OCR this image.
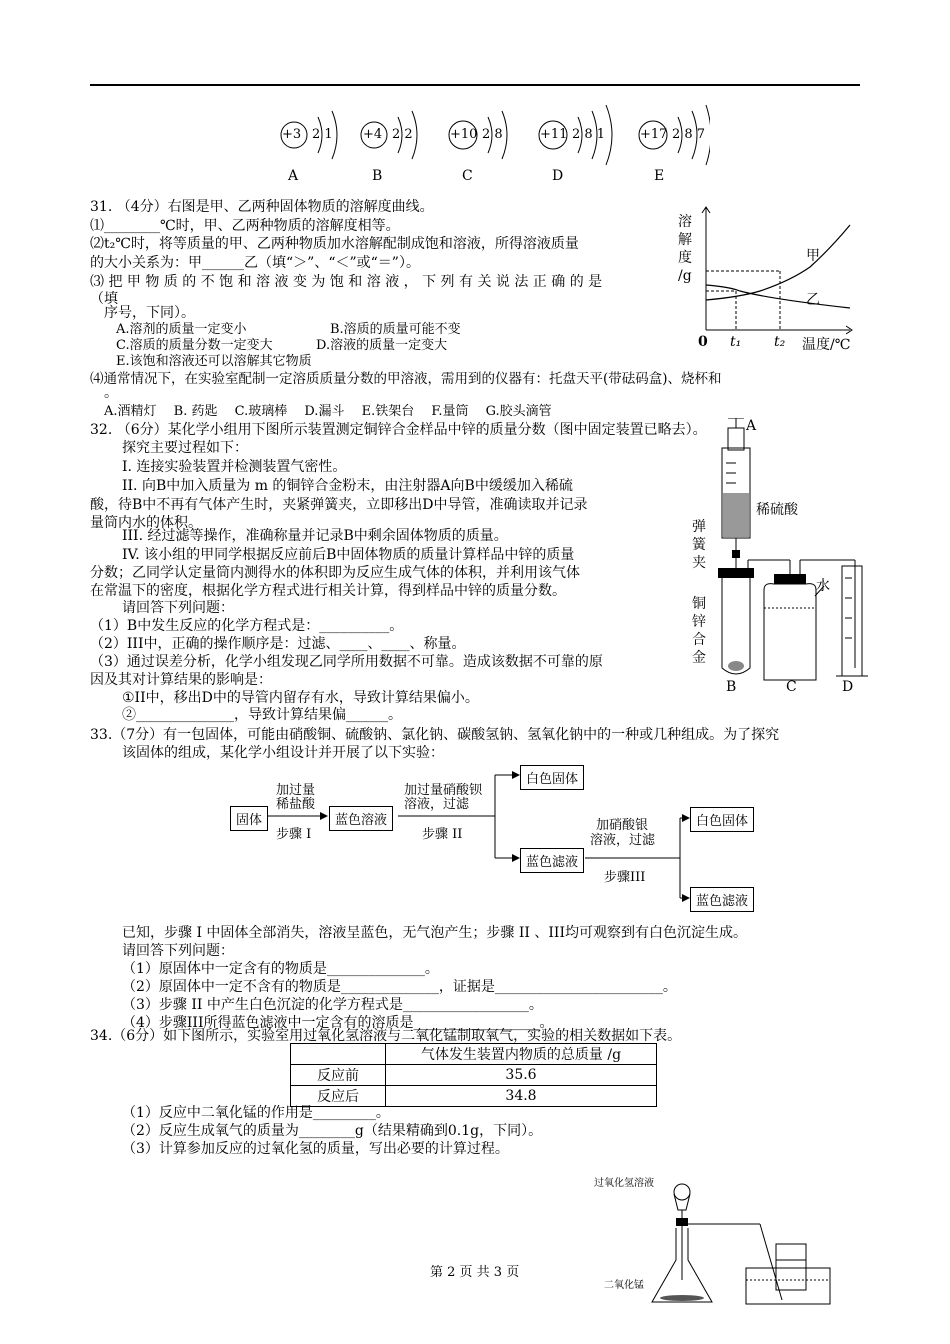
+3 2 1
A
+4 2 2
B
+10 2 8
C
+11 2 8 1
D
+17 2 8 7
E
31. （4分）右图是甲、乙两种固体物质的溶解度曲线。
⑴________℃时，甲、乙两种物质的溶解度相等。
⑵t₂℃时，将等质量的甲、乙两种物质加水溶解配制成饱和溶液，所得溶液质量
的大小关系为：甲______乙（填“＞”、“＜”或“＝”）。
⑶ 把 甲 物 质 的 不 饱 和 溶 液 变 为 饱 和 溶 液 ， 下 列 有 关 说 法 正 确 的 是
（填
序号，下同）。
A.溶剂的质量一定变小	B.溶质的质量可能不变
C.溶质的质量分数一定变大	D.溶液的质量一定变大
E.该饱和溶液还可以溶解其它物质
⑷通常情况下，在实验室配制一定溶质质量分数的甲溶液，需用到的仪器有：托盘天平(带砝码盒)、烧杯和
。
A.酒精灯　 B. 药匙　 C.玻璃棒　 D.漏斗　 E.铁架台　 F.量筒　 G.胶头滴管
溶
解
度
/g
甲
乙
0 t₁ t₂ 温度/℃
32. （6分）某化学小组用下图所示装置测定铜锌合金样品中锌的质量分数（图中固定装置已略去）。
探究主要过程如下：
I. 连接实验装置并检测装置气密性。
II. 向B中加入质量为 m 的铜锌合金粉末，由注射器A向B中缓缓加入稀硫
酸，待B中不再有气体产生时，夹紧弹簧夹，立即移出D中导管，准确读取并记录
量筒内水的体积。
III. 经过滤等操作，准确称量并记录B中剩余固体物质的质量。
IV. 该小组的甲同学根据反应前后B中固体物质的质量计算样品中锌的质量
分数；乙同学认定量筒内测得水的体积即为反应生成气体的体积，并利用该气体
在常温下的密度，根据化学方程式进行相关计算，得到样品中锌的质量分数。
请回答下列问题：
（1）B中发生反应的化学方程式是：__________。
（2）III中，正确的操作顺序是：过滤、____、____、称量。
（3）通过误差分析，化学小组发现乙同学所用数据不可靠。造成该数据不可靠的原
因及其对计算结果的影响是：
①II中，移出D中的导管内留存有水，导致计算结果偏小。
②______________，导致计算结果偏______。
A
稀硫酸
弹
簧
夹
铜
锌
合
金
水
B	C	D
33.（7分）有一包固体，可能由硝酸铜、硫酸钠、氯化钠、碳酸氢钠、氢氧化钠中的一种或几种组成。为了探究
该固体的组成，某化学小组设计并开展了以下实验：
固体
加过量
稀盐酸
步骤 I
蓝色溶液
加过量硝酸钡
溶液，过滤
步骤 II
白色固体
蓝色滤液
加硝酸银
溶液，过滤
步骤III
白色固体
蓝色滤液
已知，步骤 I 中固体全部消失，溶液呈蓝色，无气泡产生；步骤 II 、III均可观察到有白色沉淀生成。
请回答下列问题：
（1）原固体中一定含有的物质是______________。
（2）原固体中一定不含有的物质是______________，证据是________________________。
（3）步骤 II 中产生白色沉淀的化学方程式是__________________。
（4）步骤III所得蓝色滤液中一定含有的溶质是__________________。
34.（6分）如下图所示，实验室用过氧化氢溶液与二氧化锰制取氧气，实验的相关数据如下表。
	气体发生装置内物质的总质量 /g
反应前	35.6
反应后	34.8
（1）反应中二氧化锰的作用是_________。
（2）反应生成氧气的质量为________g（结果精确到0.1g，下同）。
（3）计算参加反应的过氧化氢的质量，写出必要的计算过程。
过氧化氢溶液
二氧化锰
第 2 页 共 3 页
